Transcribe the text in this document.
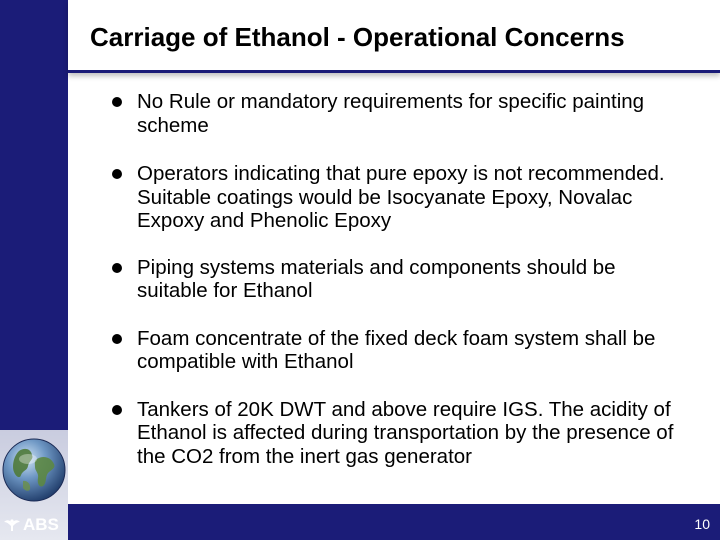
Carriage of Ethanol - Operational Concerns
No Rule or mandatory requirements for specific painting scheme
Operators indicating that pure epoxy is not recommended. Suitable coatings would be Isocyanate Epoxy, Novalac Expoxy and Phenolic Epoxy
Piping systems materials and components should be suitable for Ethanol
Foam concentrate of the fixed deck foam system shall be compatible with Ethanol
Tankers of 20K DWT and above require IGS. The acidity of Ethanol is affected during transportation by the presence of the CO2 from the inert gas generator
ABS	10
